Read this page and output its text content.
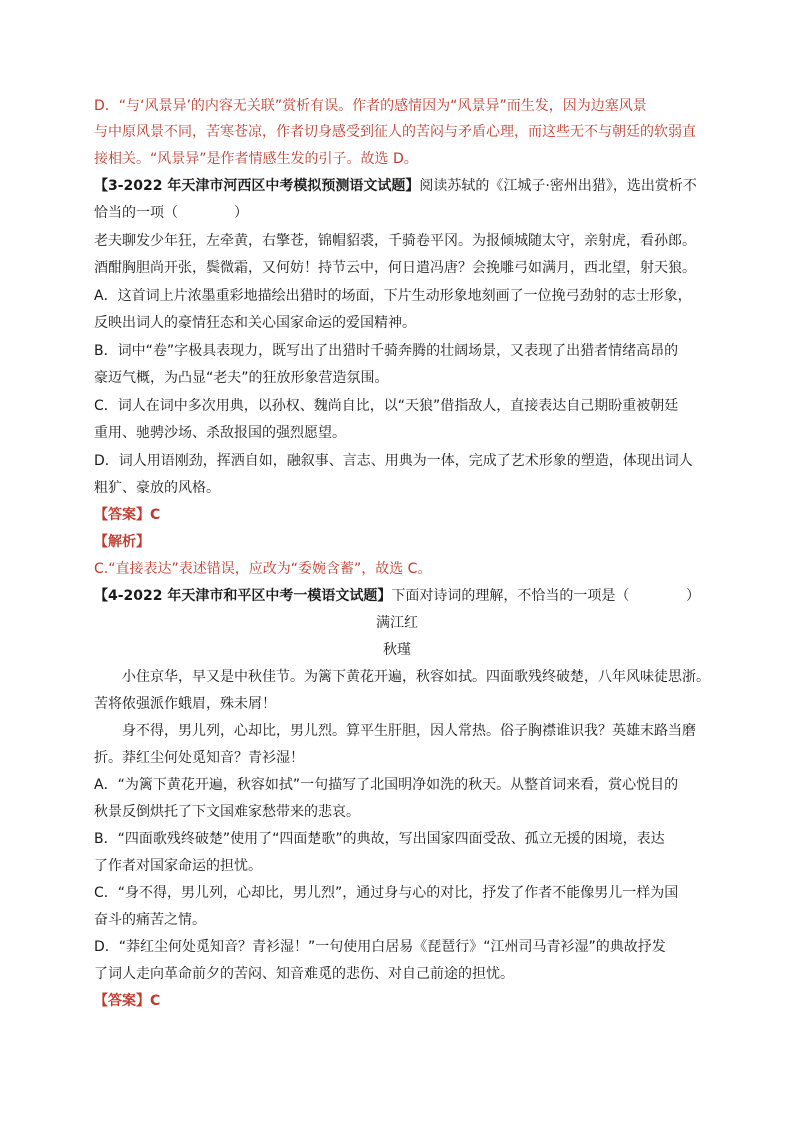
D．“与‘风景异’的内容无关联”赏析有误。作者的感情因为“风景异”而生发，因为边塞风景
与中原风景不同，苦寒苍凉，作者切身感受到征人的苦闷与矛盾心理，而这些无不与朝廷的软弱直
接相关。“风景异”是作者情感生发的引子。故选 D。
【3-2022 年天津市河西区中考模拟预测语文试题】阅读苏轼的《江城子·密州出猎》，选出赏析不
恰当的一项（　　　　）
老夫聊发少年狂，左牵黄，右擎苍，锦帽貂裘，千骑卷平冈。为报倾城随太守，亲射虎，看孙郎。
酒酣胸胆尚开张，鬓微霜，又何妨！持节云中，何日遣冯唐？会挽雕弓如满月，西北望，射天狼。
A．这首词上片浓墨重彩地描绘出猎时的场面，下片生动形象地刻画了一位挽弓劲射的志士形象，
反映出词人的豪情狂态和关心国家命运的爱国精神。
B．词中“卷”字极具表现力，既写出了出猎时千骑奔腾的壮阔场景，又表现了出猎者情绪高昂的
豪迈气概，为凸显“老夫”的狂放形象营造氛围。
C．词人在词中多次用典，以孙权、魏尚自比，以“天狼”借指敌人，直接表达自己期盼重被朝廷
重用、驰骋沙场、杀敌报国的强烈愿望。
D．词人用语刚劲，挥洒自如，融叙事、言志、用典为一体，完成了艺术形象的塑造，体现出词人
粗犷、豪放的风格。
【答案】C
【解析】
C.“直接表达”表述错误，应改为“委婉含蓄”，故选 C。
【4-2022 年天津市和平区中考一模语文试题】下面对诗词的理解，不恰当的一项是（	）
满江红
秋瑾
小住京华，早又是中秋佳节。为篱下黄花开遍，秋容如拭。四面歌残终破楚，八年风味徒思浙。
苦将侬强派作蛾眉，殊未屑！
身不得，男儿列，心却比，男儿烈。算平生肝胆，因人常热。俗子胸襟谁识我？英雄末路当磨
折。莽红尘何处觅知音？青衫湿！
A．“为篱下黄花开遍，秋容如拭”一句描写了北国明净如洗的秋天。从整首词来看，赏心悦目的
秋景反倒烘托了下文国难家愁带来的悲哀。
B．“四面歌残终破楚”使用了“四面楚歌”的典故，写出国家四面受敌、孤立无援的困境，表达
了作者对国家命运的担忧。
C．“身不得，男儿列，心却比，男儿烈”，通过身与心的对比，抒发了作者不能像男儿一样为国
奋斗的痛苦之情。
D．“莽红尘何处觅知音？青衫湿！”一句使用白居易《琵琶行》“江州司马青衫湿”的典故抒发
了词人走向革命前夕的苦闷、知音难觅的悲伤、对自己前途的担忧。
【答案】C
